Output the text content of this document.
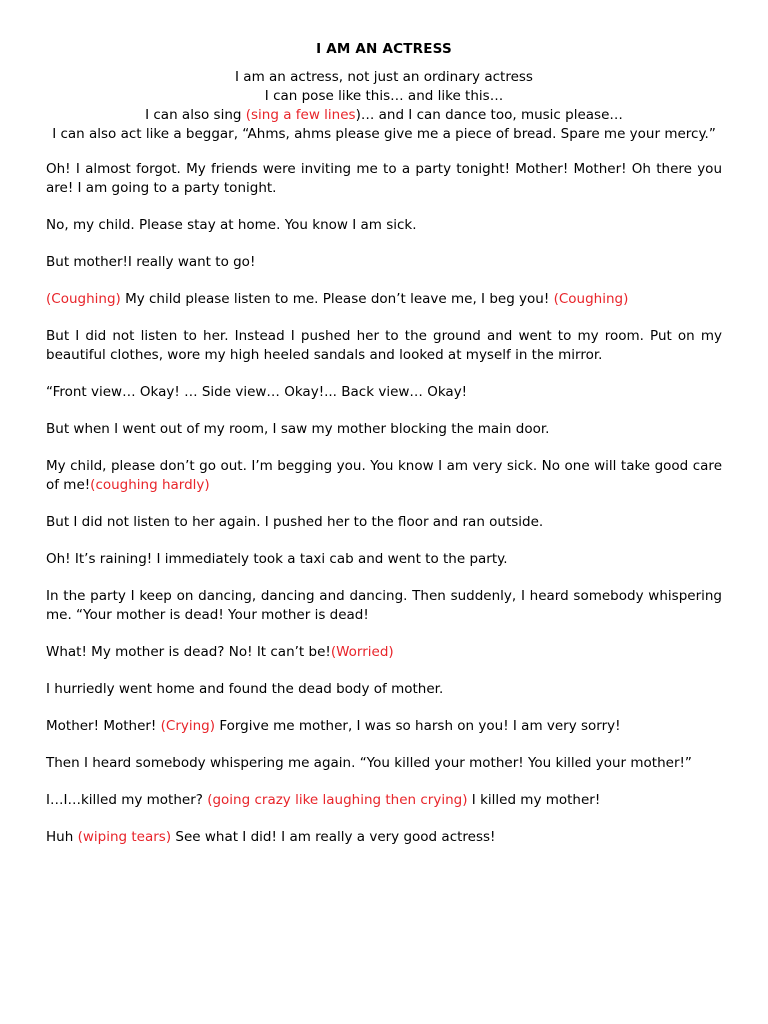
I AM AN ACTRESS
I am an actress, not just an ordinary actress
I can pose like this… and like this…
I can also sing (sing a few lines)… and I can dance too, music please…
I can also act like a beggar, “Ahms, ahms please give me a piece of bread. Spare me your mercy.”

Oh! I almost forgot. My friends were inviting me to a party tonight! Mother! Mother! Oh there you are! I am going to a party tonight.

No, my child. Please stay at home. You know I am sick.

But mother!I really want to go!

(Coughing) My child please listen to me. Please don’t leave me, I beg you! (Coughing)

But I did not listen to her. Instead I pushed her to the ground and went to my room. Put on my beautiful clothes, wore my high heeled sandals and looked at myself in the mirror.

“Front view… Okay! … Side view… Okay!... Back view… Okay!

But when I went out of my room, I saw my mother blocking the main door.

My child, please don’t go out. I’m begging you. You know I am very sick. No one will take good care of me!(coughing hardly)

But I did not listen to her again. I pushed her to the floor and ran outside.

Oh! It’s raining! I immediately took a taxi cab and went to the party.

In the party I keep on dancing, dancing and dancing. Then suddenly, I heard somebody whispering me. “Your mother is dead! Your mother is dead!

What! My mother is dead? No! It can’t be!(Worried)

I hurriedly went home and found the dead body of mother.

Mother! Mother! (Crying) Forgive me mother, I was so harsh on you! I am very sorry!

Then I heard somebody whispering me again. “You killed your mother! You killed your mother!”

I…I…killed my mother? (going crazy like laughing then crying) I killed my mother!

Huh (wiping tears) See what I did! I am really a very good actress!
